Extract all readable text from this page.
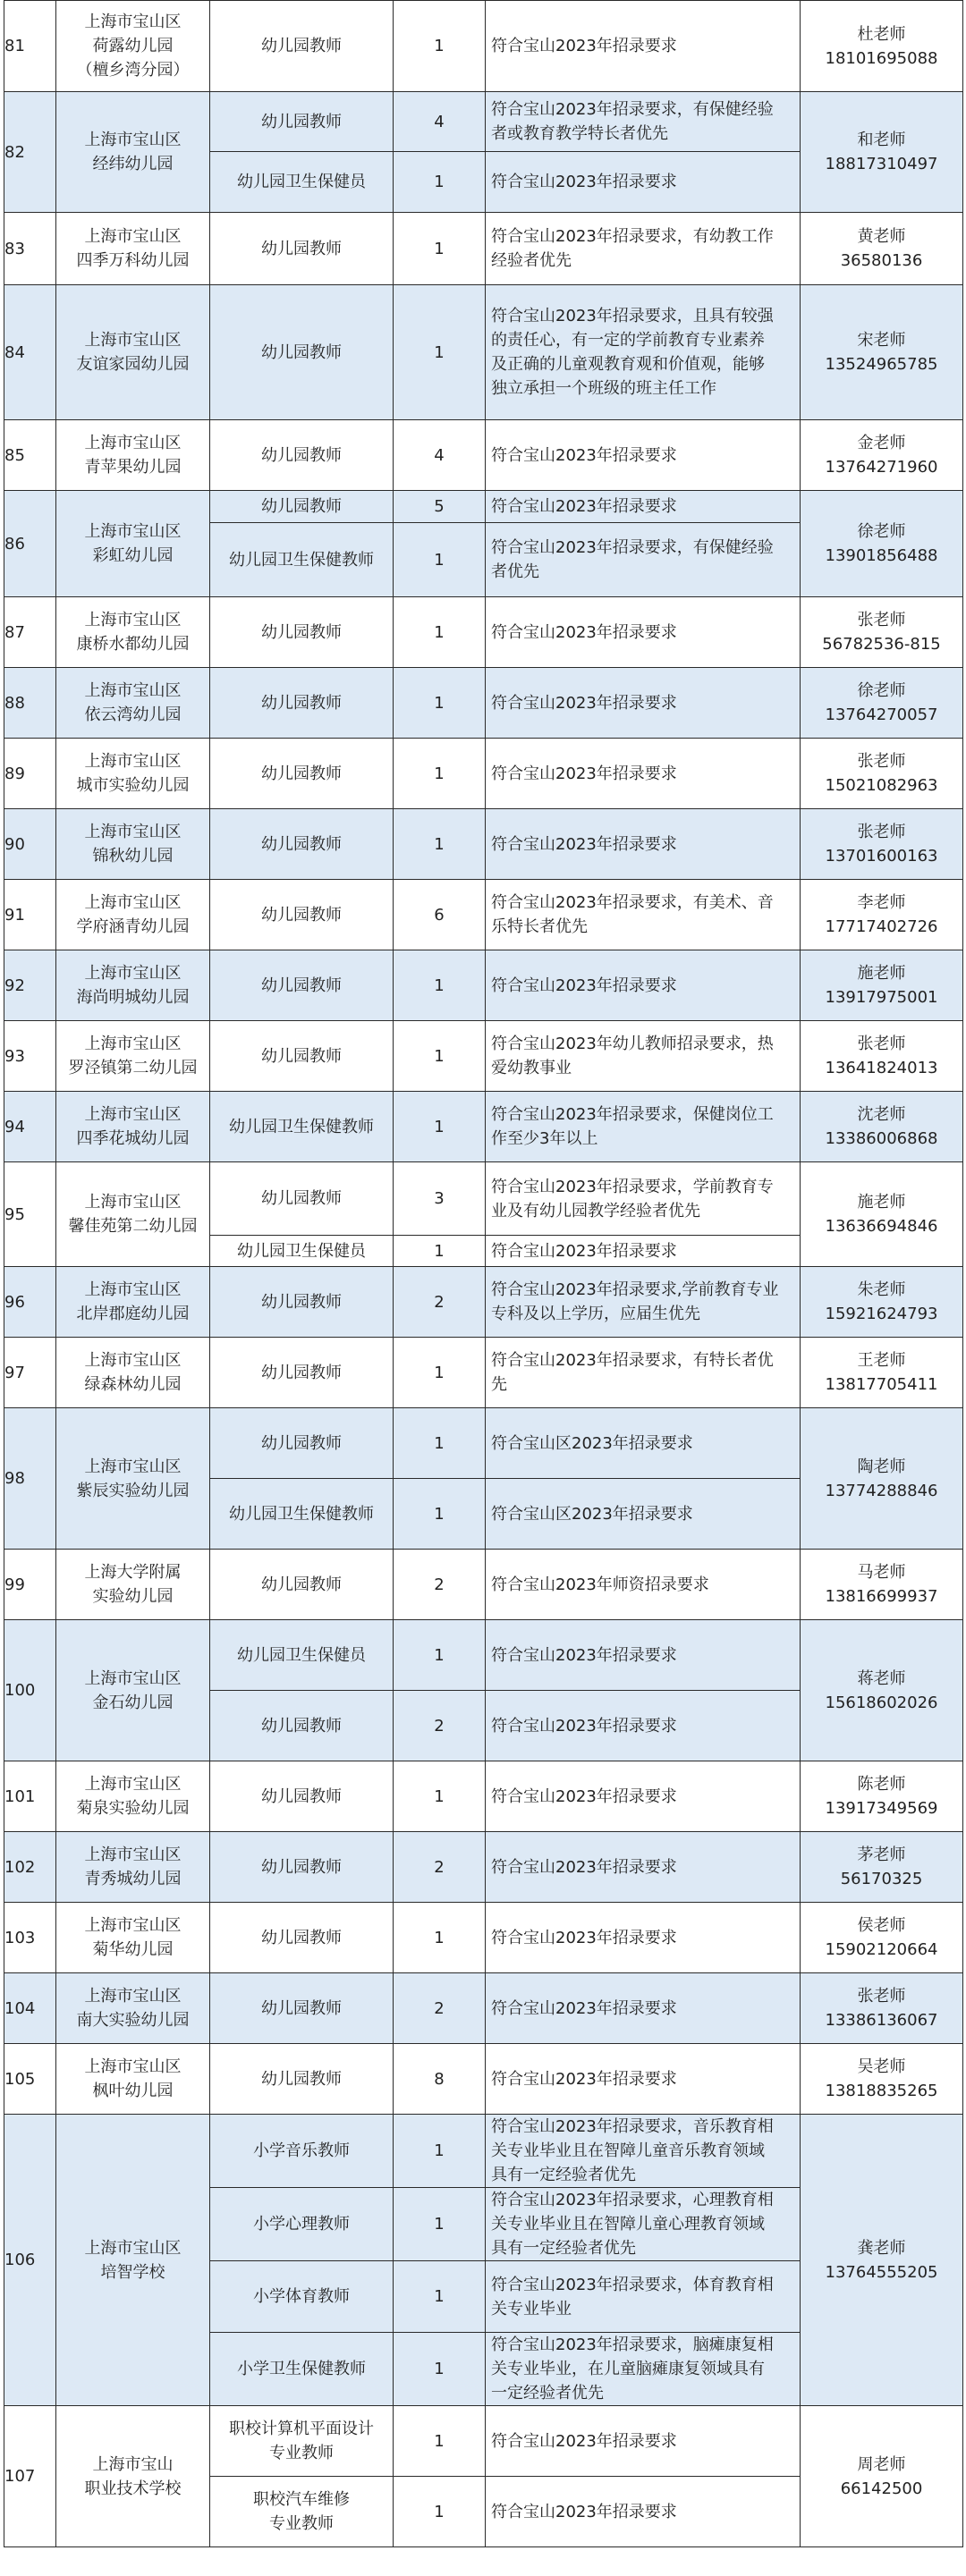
81	上海市宝山区
荷露幼儿园
（檀乡湾分园）	幼儿园教师	1	符合宝山2023年招录要求	杜老师
18101695088
82	上海市宝山区
经纬幼儿园	幼儿园教师	4	符合宝山2023年招录要求，有保健经验
者或教育教学特长者优先	和老师
18817310497
		幼儿园卫生保健员	1	符合宝山2023年招录要求	
83	上海市宝山区
四季万科幼儿园	幼儿园教师	1	符合宝山2023年招录要求，有幼教工作
经验者优先	黄老师
36580136
84	上海市宝山区
友谊家园幼儿园	幼儿园教师	1	符合宝山2023年招录要求，且具有较强
的责任心，有一定的学前教育专业素养
及正确的儿童观教育观和价值观，能够
独立承担一个班级的班主任工作	宋老师
13524965785
85	上海市宝山区
青苹果幼儿园	幼儿园教师	4	符合宝山2023年招录要求	金老师
13764271960
86	上海市宝山区
彩虹幼儿园	幼儿园教师	5	符合宝山2023年招录要求	徐老师
13901856488
		幼儿园卫生保健教师	1	符合宝山2023年招录要求，有保健经验
者优先	
87	上海市宝山区
康桥水都幼儿园	幼儿园教师	1	符合宝山2023年招录要求	张老师
56782536-815
88	上海市宝山区
依云湾幼儿园	幼儿园教师	1	符合宝山2023年招录要求	徐老师
13764270057
89	上海市宝山区
城市实验幼儿园	幼儿园教师	1	符合宝山2023年招录要求	张老师
15021082963
90	上海市宝山区
锦秋幼儿园	幼儿园教师	1	符合宝山2023年招录要求	张老师
13701600163
91	上海市宝山区
学府涵青幼儿园	幼儿园教师	6	符合宝山2023年招录要求，有美术、音
乐特长者优先	李老师
17717402726
92	上海市宝山区
海尚明城幼儿园	幼儿园教师	1	符合宝山2023年招录要求	施老师
13917975001
93	上海市宝山区
罗泾镇第二幼儿园	幼儿园教师	1	符合宝山2023年幼儿教师招录要求，热
爱幼教事业	张老师
13641824013
94	上海市宝山区
四季花城幼儿园	幼儿园卫生保健教师	1	符合宝山2023年招录要求，保健岗位工
作至少3年以上	沈老师
13386006868
95	上海市宝山区
馨佳苑第二幼儿园	幼儿园教师	3	符合宝山2023年招录要求，学前教育专
业及有幼儿园教学经验者优先	施老师
13636694846
		幼儿园卫生保健员	1	符合宝山2023年招录要求	
96	上海市宝山区
北岸郡庭幼儿园	幼儿园教师	2	符合宝山2023年招录要求,学前教育专业
专科及以上学历，应届生优先	朱老师
15921624793
97	上海市宝山区
绿森林幼儿园	幼儿园教师	1	符合宝山2023年招录要求，有特长者优
先	王老师
13817705411
98	上海市宝山区
紫辰实验幼儿园	幼儿园教师	1	符合宝山区2023年招录要求	陶老师
13774288846
		幼儿园卫生保健教师	1	符合宝山区2023年招录要求	
99	上海大学附属
实验幼儿园	幼儿园教师	2	符合宝山2023年师资招录要求	马老师
13816699937
100	上海市宝山区
金石幼儿园	幼儿园卫生保健员	1	符合宝山2023年招录要求	蒋老师
15618602026
		幼儿园教师	2	符合宝山2023年招录要求	
101	上海市宝山区
菊泉实验幼儿园	幼儿园教师	1	符合宝山2023年招录要求	陈老师
13917349569
102	上海市宝山区
青秀城幼儿园	幼儿园教师	2	符合宝山2023年招录要求	茅老师
56170325
103	上海市宝山区
菊华幼儿园	幼儿园教师	1	符合宝山2023年招录要求	侯老师
15902120664
104	上海市宝山区
南大实验幼儿园	幼儿园教师	2	符合宝山2023年招录要求	张老师
13386136067
105	上海市宝山区
枫叶幼儿园	幼儿园教师	8	符合宝山2023年招录要求	吴老师
13818835265
106	上海市宝山区
培智学校	小学音乐教师	1	符合宝山2023年招录要求，音乐教育相
关专业毕业且在智障儿童音乐教育领域
具有一定经验者优先	龚老师
13764555205
		小学心理教师	1	符合宝山2023年招录要求，心理教育相
关专业毕业且在智障儿童心理教育领域
具有一定经验者优先	
		小学体育教师	1	符合宝山2023年招录要求，体育教育相
关专业毕业	
		小学卫生保健教师	1	符合宝山2023年招录要求，脑瘫康复相
关专业毕业，在儿童脑瘫康复领域具有
一定经验者优先	
107	上海市宝山
职业技术学校	职校计算机平面设计
专业教师	1	符合宝山2023年招录要求	周老师
66142500
		职校汽车维修
专业教师	1	符合宝山2023年招录要求	
